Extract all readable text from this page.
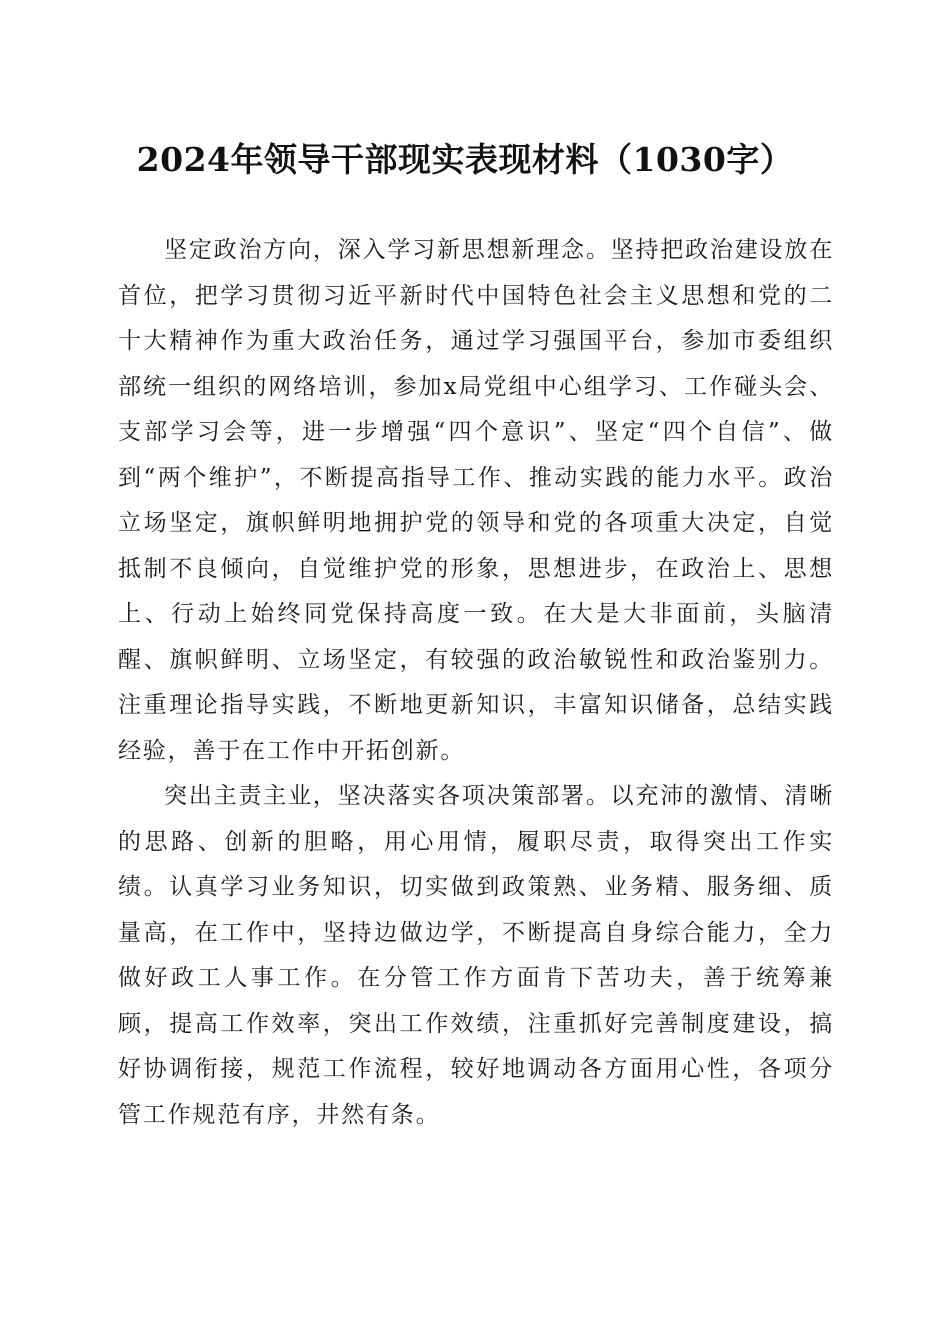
2024年领导干部现实表现材料（1030字）

坚定政治方向，深入学习新思想新理念。坚持把政治建设放在首位，把学习贯彻习近平新时代中国特色社会主义思想和党的二十大精神作为重大政治任务，通过学习强国平台，参加市委组织部统一组织的网络培训，参加x局党组中心组学习、工作碰头会、支部学习会等，进一步增强“四个意识”、坚定“四个自信”、做到“两个维护”，不断提高指导工作、推动实践的能力水平。政治立场坚定，旗帜鲜明地拥护党的领导和党的各项重大决定，自觉抵制不良倾向，自觉维护党的形象，思想进步，在政治上、思想上、行动上始终同党保持高度一致。在大是大非面前，头脑清醒、旗帜鲜明、立场坚定，有较强的政治敏锐性和政治鉴别力。注重理论指导实践，不断地更新知识，丰富知识储备，总结实践经验，善于在工作中开拓创新。

突出主责主业，坚决落实各项决策部署。以充沛的激情、清晰的思路、创新的胆略，用心用情，履职尽责，取得突出工作实绩。认真学习业务知识，切实做到政策熟、业务精、服务细、质量高，在工作中，坚持边做边学，不断提高自身综合能力，全力做好政工人事工作。在分管工作方面肯下苦功夫，善于统筹兼顾，提高工作效率，突出工作效绩，注重抓好完善制度建设，搞好协调衔接，规范工作流程，较好地调动各方面用心性，各项分管工作规范有序，井然有条。
